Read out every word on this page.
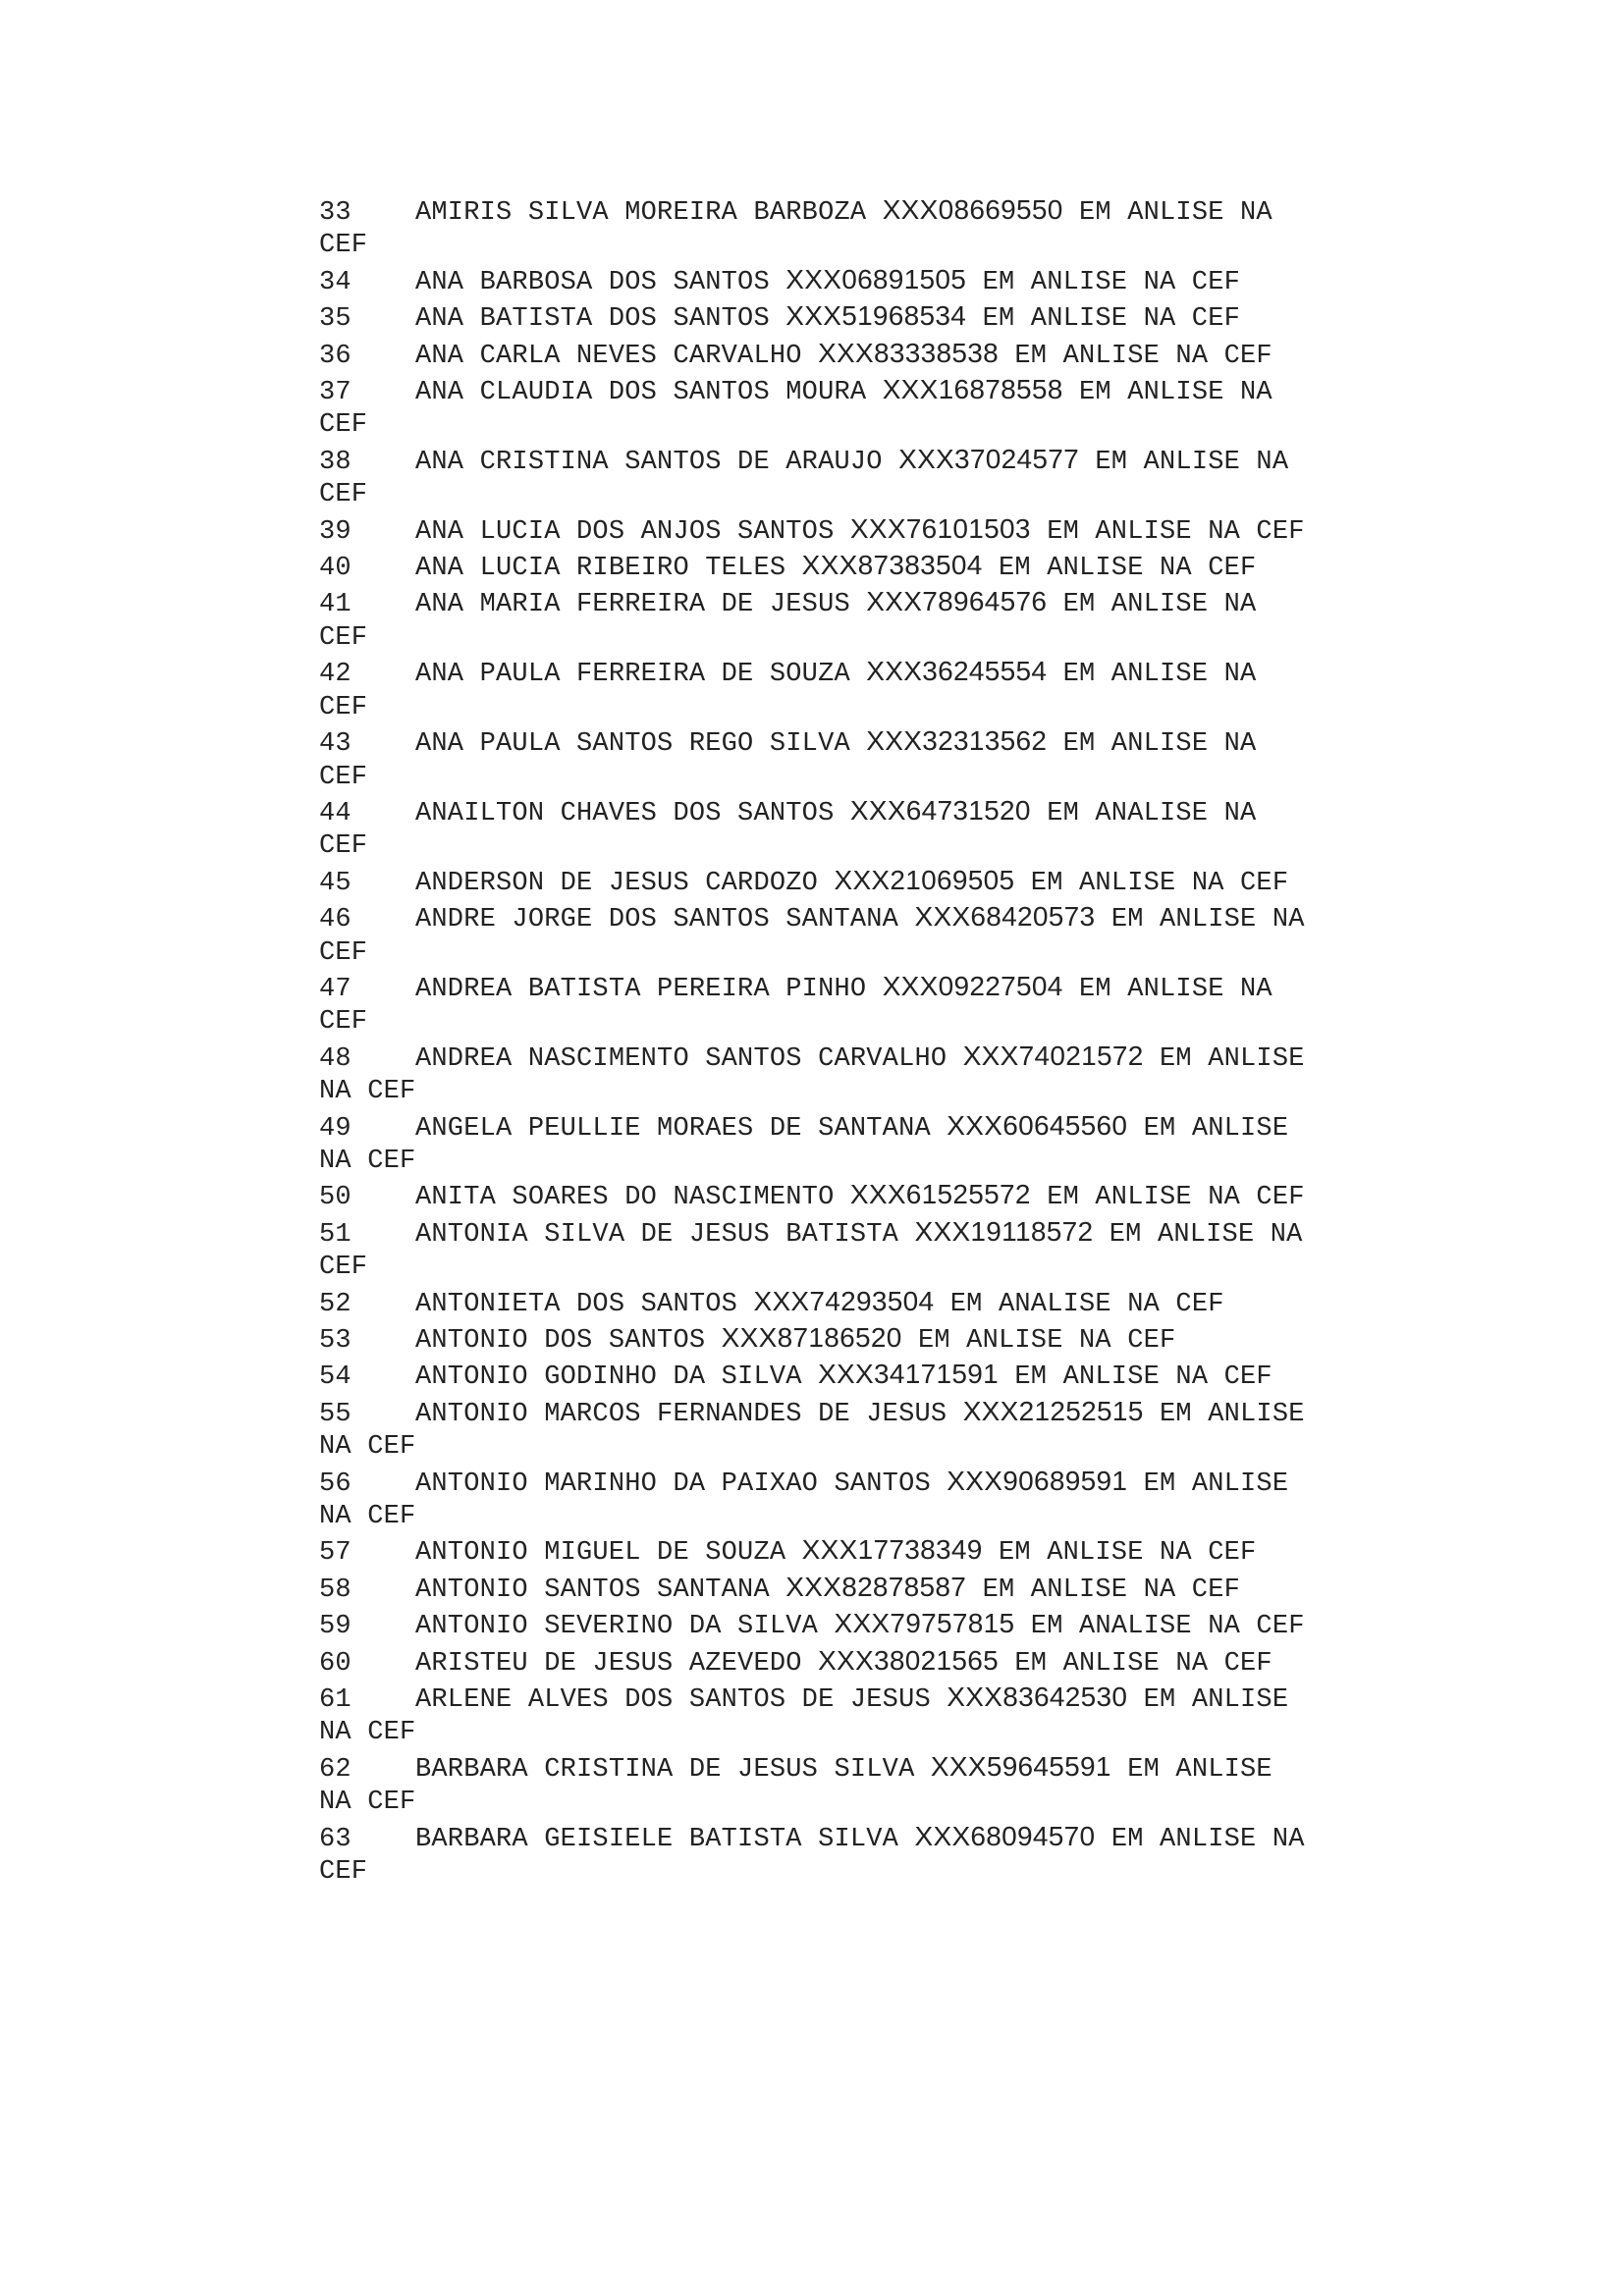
33 AMIRIS SILVA MOREIRA BARBOZA XXX08669550 EM ANLISE NA CEF

34 ANA BARBOSA DOS SANTOS XXX06891505 EM ANLISE NA CEF

35 ANA BATISTA DOS SANTOS XXX51968534 EM ANLISE NA CEF

36 ANA CARLA NEVES CARVALHO XXX83338538 EM ANLISE NA CEF

37 ANA CLAUDIA DOS SANTOS MOURA XXX16878558 EM ANLISE NA CEF

38 ANA CRISTINA SANTOS DE ARAUJO XXX37024577 EM ANLISE NA CEF

39 ANA LUCIA DOS ANJOS SANTOS XXX76101503 EM ANLISE NA CEF

40 ANA LUCIA RIBEIRO TELES XXX87383504 EM ANLISE NA CEF

41 ANA MARIA FERREIRA DE JESUS XXX78964576 EM ANLISE NA CEF

42 ANA PAULA FERREIRA DE SOUZA XXX36245554 EM ANLISE NA CEF

43 ANA PAULA SANTOS REGO SILVA XXX32313562 EM ANLISE NA CEF

44 ANAILTON CHAVES DOS SANTOS XXX64731520 EM ANALISE NA CEF

45 ANDERSON DE JESUS CARDOZO XXX21069505 EM ANLISE NA CEF

46 ANDRE JORGE DOS SANTOS SANTANA XXX68420573 EM ANLISE NA CEF

47 ANDREA BATISTA PEREIRA PINHO XXX09227504 EM ANLISE NA CEF

48 ANDREA NASCIMENTO SANTOS CARVALHO XXX74021572 EM ANLISE NA CEF

49 ANGELA PEULLIE MORAES DE SANTANA XXX60645560 EM ANLISE NA CEF

50 ANITA SOARES DO NASCIMENTO XXX61525572 EM ANLISE NA CEF

51 ANTONIA SILVA DE JESUS BATISTA XXX19118572 EM ANLISE NA CEF

52 ANTONIETA DOS SANTOS XXX74293504 EM ANALISE NA CEF

53 ANTONIO DOS SANTOS XXX87186520 EM ANLISE NA CEF

54 ANTONIO GODINHO DA SILVA XXX34171591 EM ANLISE NA CEF

55 ANTONIO MARCOS FERNANDES DE JESUS XXX21252515 EM ANLISE NA CEF

56 ANTONIO MARINHO DA PAIXAO SANTOS XXX90689591 EM ANLISE NA CEF

57 ANTONIO MIGUEL DE SOUZA XXX17738349 EM ANLISE NA CEF

58 ANTONIO SANTOS SANTANA XXX82878587 EM ANLISE NA CEF

59 ANTONIO SEVERINO DA SILVA XXX79757815 EM ANALISE NA CEF

60 ARISTEU DE JESUS AZEVEDO XXX38021565 EM ANLISE NA CEF

61 ARLENE ALVES DOS SANTOS DE JESUS XXX83642530 EM ANLISE NA CEF

62 BARBARA CRISTINA DE JESUS SILVA XXX59645591 EM ANLISE NA CEF

63 BARBARA GEISIELE BATISTA SILVA XXX68094570 EM ANLISE NA CEF
